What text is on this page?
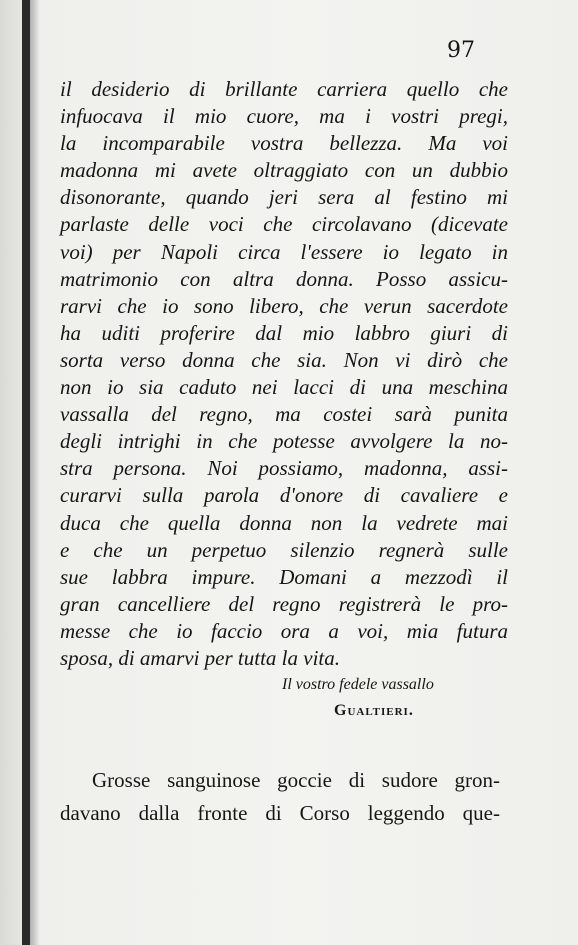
97
il desiderio di brillante carriera quello che
infuocava il mio cuore, ma i vostri pregi,
la incomparabile vostra bellezza. Ma voi
madonna mi avete oltraggiato con un dubbio
disonorante, quando jeri sera al festino mi
parlaste delle voci che circolavano (dicevate
voi) per Napoli circa l'essere io legato in
matrimonio con altra donna. Posso assicu-
rarvi che io sono libero, che verun sacerdote
ha uditi proferire dal mio labbro giuri di
sorta verso donna che sia. Non vi dirò che
non io sia caduto nei lacci di una meschina
vassalla del regno, ma costei sarà punita
degli intrighi in che potesse avvolgere la no-
stra persona. Noi possiamo, madonna, assi-
curarvi sulla parola d'onore di cavaliere e
duca che quella donna non la vedrete mai
e che un perpetuo silenzio regnerà sulle
sue labbra impure. Domani a mezzodì il
gran cancelliere del regno registrerà le pro-
messe che io faccio ora a voi, mia futura
sposa, di amarvi per tutta la vita.
Il vostro fedele vassallo
Gualtieri.
Grosse sanguinose goccie di sudore gron-
davano dalla fronte di Corso leggendo que-
